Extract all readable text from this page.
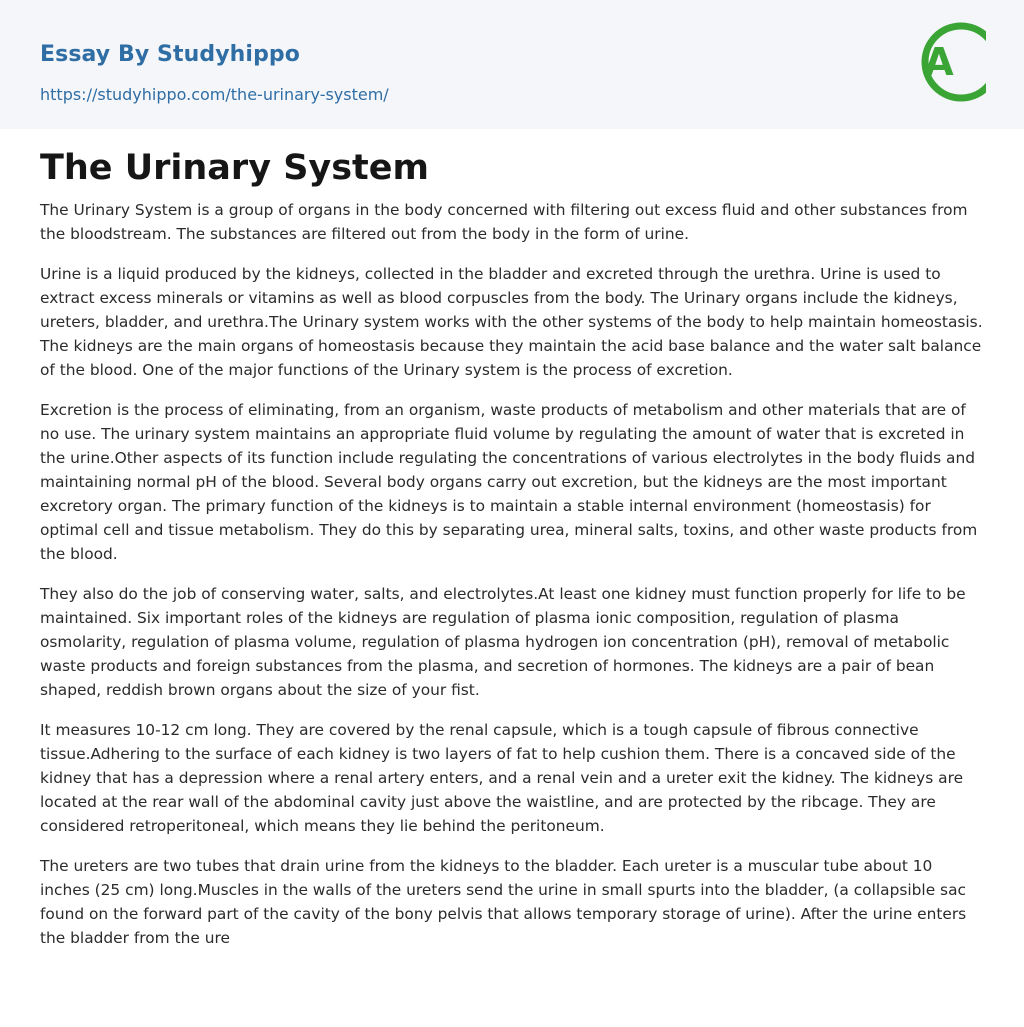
Essay By Studyhippo
https://studyhippo.com/the-urinary-system/
A
The Urinary System

The Urinary System is a group of organs in the body concerned with filtering out excess fluid and other substances from the bloodstream. The substances are filtered out from the body in the form of urine.

Urine is a liquid produced by the kidneys, collected in the bladder and excreted through the urethra. Urine is used to extract excess minerals or vitamins as well as blood corpuscles from the body. The Urinary organs include the kidneys, ureters, bladder, and urethra.The Urinary system works with the other systems of the body to help maintain homeostasis. The kidneys are the main organs of homeostasis because they maintain the acid base balance and the water salt balance of the blood. One of the major functions of the Urinary system is the process of excretion.

Excretion is the process of eliminating, from an organism, waste products of metabolism and other materials that are of no use. The urinary system maintains an appropriate fluid volume by regulating the amount of water that is excreted in the urine.Other aspects of its function include regulating the concentrations of various electrolytes in the body fluids and maintaining normal pH of the blood. Several body organs carry out excretion, but the kidneys are the most important excretory organ. The primary function of the kidneys is to maintain a stable internal environment (homeostasis) for optimal cell and tissue metabolism. They do this by separating urea, mineral salts, toxins, and other waste products from the blood.

They also do the job of conserving water, salts, and electrolytes.At least one kidney must function properly for life to be maintained. Six important roles of the kidneys are regulation of plasma ionic composition, regulation of plasma osmolarity, regulation of plasma volume, regulation of plasma hydrogen ion concentration (pH), removal of metabolic waste products and foreign substances from the plasma, and secretion of hormones. The kidneys are a pair of bean shaped, reddish brown organs about the size of your fist.

It measures 10-12 cm long. They are covered by the renal capsule, which is a tough capsule of fibrous connective tissue.Adhering to the surface of each kidney is two layers of fat to help cushion them. There is a concaved side of the kidney that has a depression where a renal artery enters, and a renal vein and a ureter exit the kidney. The kidneys are located at the rear wall of the abdominal cavity just above the waistline, and are protected by the ribcage. They are considered retroperitoneal, which means they lie behind the peritoneum.

The ureters are two tubes that drain urine from the kidneys to the bladder. Each ureter is a muscular tube about 10 inches (25 cm) long.Muscles in the walls of the ureters send the urine in small spurts into the bladder, (a collapsible sac found on the forward part of the cavity of the bony pelvis that allows temporary storage of urine). After the urine enters the bladder from the ure
